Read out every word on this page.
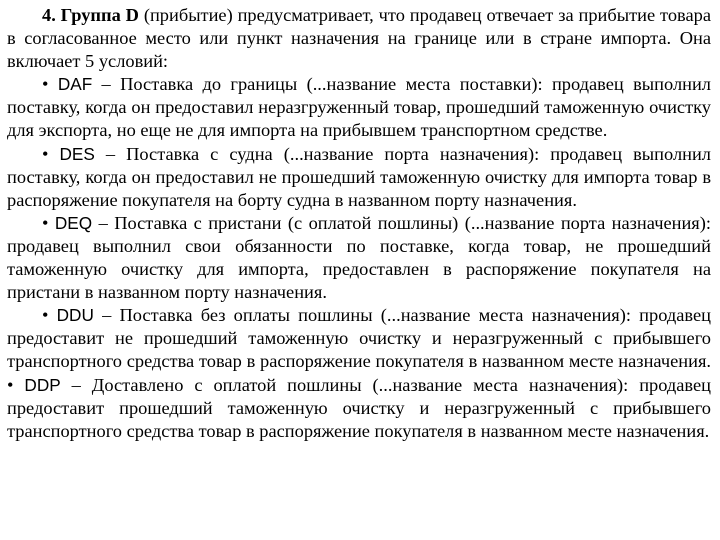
4. Группа D (прибытие) предусматривает, что продавец отвечает за прибытие товара в согласованное место или пункт назначения на границе или в стране импорта. Она включает 5 условий:

• DAF – Поставка до границы (...название места поставки): продавец выполнил поставку, когда он предоставил неразгруженный товар, прошедший таможенную очистку для экспорта, но еще не для импорта на прибывшем транспортном средстве.

• DES – Поставка с судна (...название порта назначения): продавец выполнил поставку, когда он предоставил не прошедший таможенную очистку для импорта товар в распоряжение покупателя на борту судна в названном порту назначения.

• DEQ – Поставка с пристани (с оплатой пошлины) (...название порта назначения): продавец выполнил свои обязанности по поставке, когда товар, не прошедший таможенную очистку для импорта, предоставлен в распоряжение покупателя на пристани в названном порту назначения.

• DDU – Поставка без оплаты пошлины (...название места назначения): продавец предоставит не прошедший таможенную очистку и неразгруженный с прибывшего транспортного средства товар в распоряжение покупателя в названном месте назначения. • DDP – Доставлено с оплатой пошлины (...название места назначения): продавец предоставит прошедший таможенную очистку и неразгруженный с прибывшего транспортного средства товар в распоряжение покупателя в названном месте назначения.
